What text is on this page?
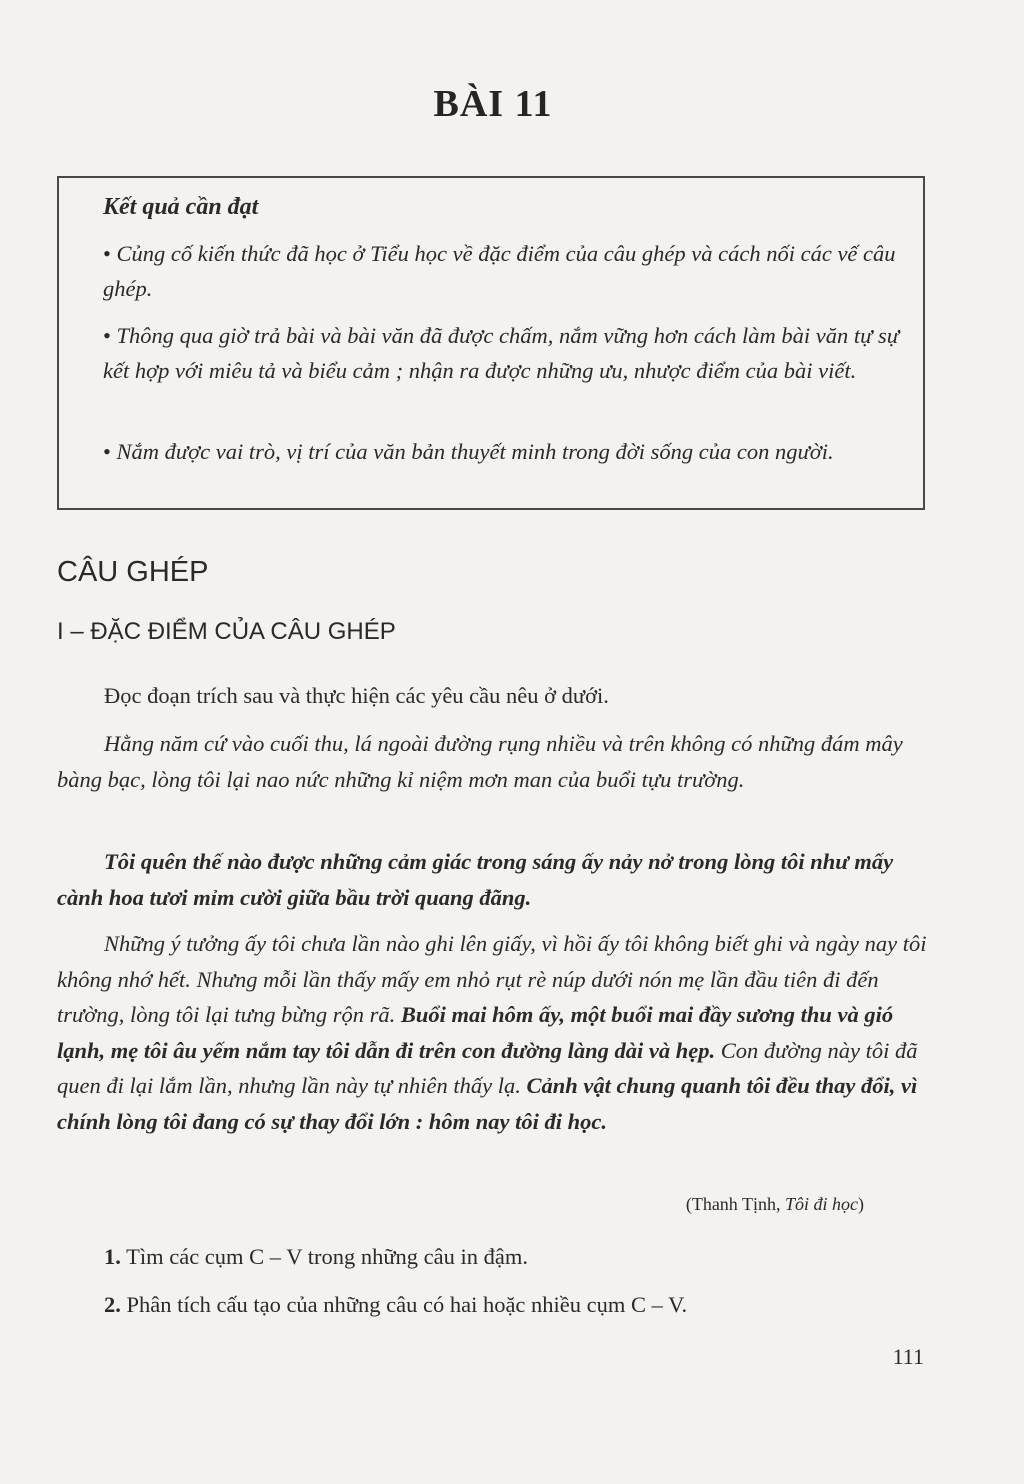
BÀI 11
Kết quả cần đạt
• Củng cố kiến thức đã học ở Tiểu học về đặc điểm của câu ghép và cách nối các vế câu ghép.
• Thông qua giờ trả bài và bài văn đã được chấm, nắm vững hơn cách làm bài văn tự sự kết hợp với miêu tả và biểu cảm ; nhận ra được những ưu, nhược điểm của bài viết.
• Nắm được vai trò, vị trí của văn bản thuyết minh trong đời sống của con người.
CÂU GHÉP
I – ĐẶC ĐIỂM CỦA CÂU GHÉP
Đọc đoạn trích sau và thực hiện các yêu cầu nêu ở dưới.
Hằng năm cứ vào cuối thu, lá ngoài đường rụng nhiều và trên không có những đám mây bàng bạc, lòng tôi lại nao nức những kỉ niệm mơn man của buổi tựu trường.
Tôi quên thế nào được những cảm giác trong sáng ấy nảy nở trong lòng tôi như mấy cành hoa tươi mỉm cười giữa bầu trời quang đãng.
Những ý tưởng ấy tôi chưa lần nào ghi lên giấy, vì hồi ấy tôi không biết ghi và ngày nay tôi không nhớ hết. Nhưng mỗi lần thấy mấy em nhỏ rụt rè núp dưới nón mẹ lần đầu tiên đi đến trường, lòng tôi lại tưng bừng rộn rã. Buổi mai hôm ấy, một buổi mai đầy sương thu và gió lạnh, mẹ tôi âu yếm nắm tay tôi dẫn đi trên con đường làng dài và hẹp. Con đường này tôi đã quen đi lại lắm lần, nhưng lần này tự nhiên thấy lạ. Cảnh vật chung quanh tôi đều thay đổi, vì chính lòng tôi đang có sự thay đổi lớn : hôm nay tôi đi học.
(Thanh Tịnh, Tôi đi học)
1. Tìm các cụm C – V trong những câu in đậm.
2. Phân tích cấu tạo của những câu có hai hoặc nhiều cụm C – V.
111
